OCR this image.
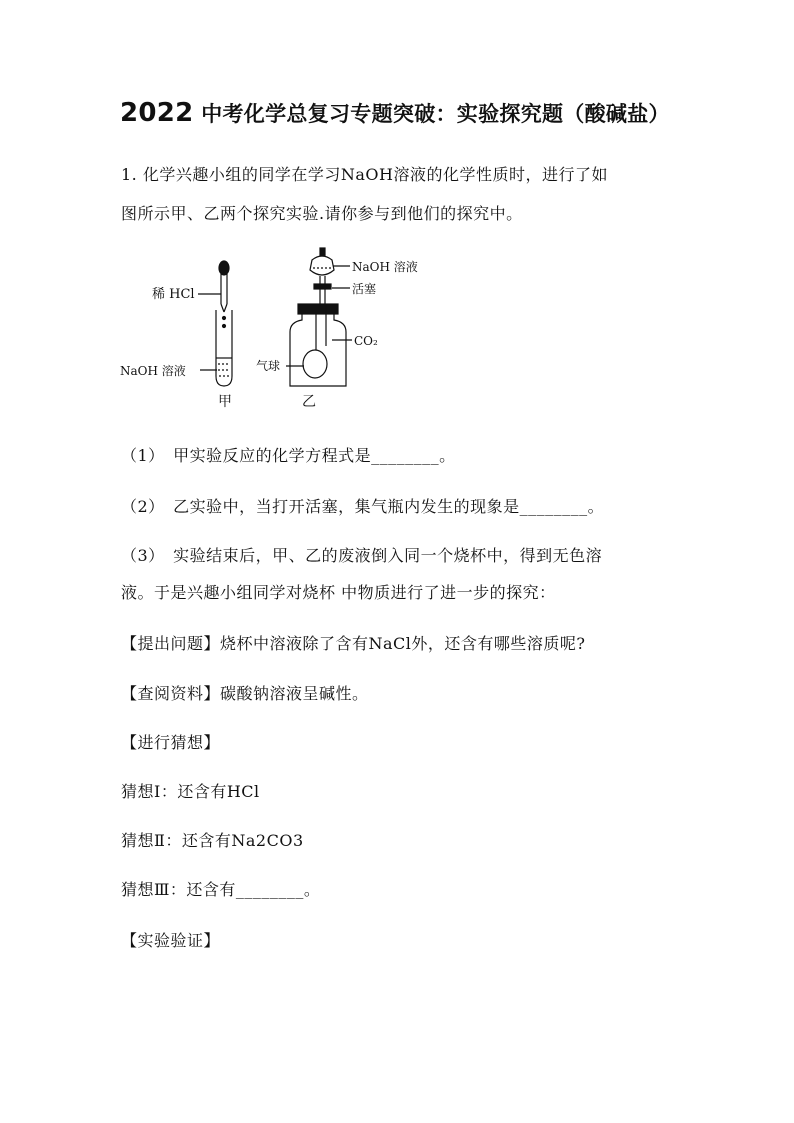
2022 中考化学总复习专题突破：实验探究题（酸碱盐）
1. 化学兴趣小组的同学在学习NaOH溶液的化学性质时，进行了如
图所示甲、乙两个探究实验.请你参与到他们的探究中。
稀 HCl
NaOH 溶液
甲
NaOH 溶液
活塞
CO₂
气球
乙
（1）　甲实验反应的化学方程式是________。
（2）　乙实验中，当打开活塞，集气瓶内发生的现象是________。
（3）　实验结束后，甲、乙的废液倒入同一个烧杯中，得到无色溶
液。于是兴趣小组同学对烧杯 中物质进行了进一步的探究：
【提出问题】烧杯中溶液除了含有NaCl外，还含有哪些溶质呢?
【查阅资料】碳酸钠溶液呈碱性。
【进行猜想】
猜想Ⅰ：还含有HCl
猜想Ⅱ：还含有Na2CO3
猜想Ⅲ：还含有________。
【实验验证】
